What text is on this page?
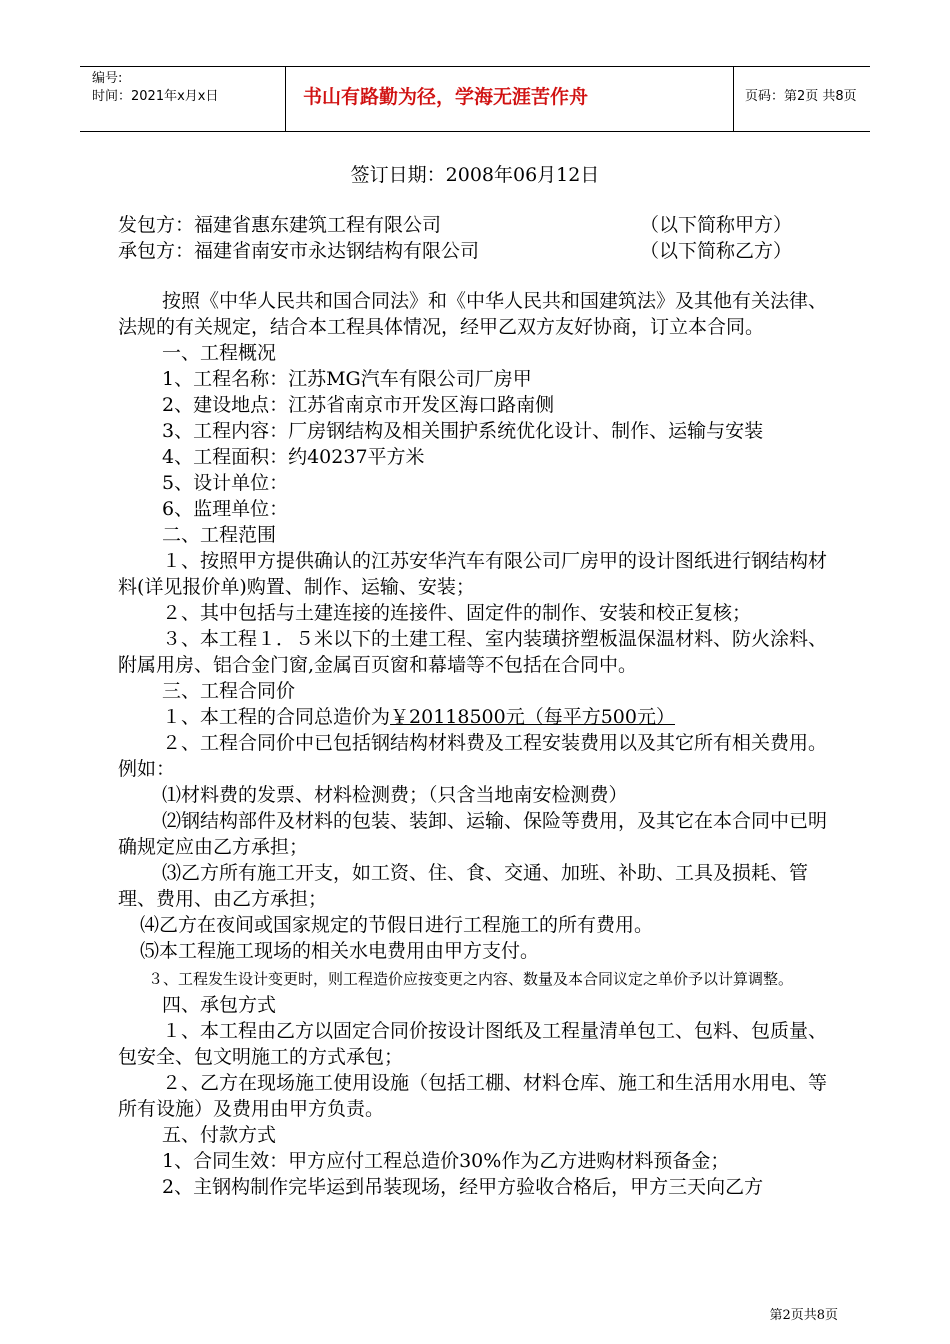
编号:
时间：2021年x月x日	书山有路勤为径，学海无涯苦作舟	页码：第2页 共8页
签订日期：2008年06月12日
发包方：福建省惠东建筑工程有限公司	（以下简称甲方）
承包方：福建省南安市永达钢结构有限公司	（以下简称乙方）

按照《中华人民共和国合同法》和《中华人民共和国建筑法》及其他有关法律、法规的有关规定，结合本工程具体情况，经甲乙双方友好协商，订立本合同。

一、工程概况

1、工程名称：江苏MG汽车有限公司厂房甲

2、建设地点：江苏省南京市开发区海口路南侧

3、工程内容：厂房钢结构及相关围护系统优化设计、制作、运输与安装

4、工程面积：约40237平方米

5、设计单位：

6、监理单位：

二、工程范围

１、按照甲方提供确认的江苏安华汽车有限公司厂房甲的设计图纸进行钢结构材料(详见报价单)购置、制作、运输、安装；

２、其中包括与土建连接的连接件、固定件的制作、安装和校正复核；

３、本工程１．５米以下的土建工程、室内装璜挤塑板温保温材料、防火涂料、附属用房、铝合金门窗,金属百页窗和幕墙等不包括在合同中。

三、工程合同价

１、本工程的合同总造价为￥20118500元（每平方500元）

２、工程合同价中已包括钢结构材料费及工程安装费用以及其它所有相关费用。例如：

⑴材料费的发票、材料检测费；（只含当地南安检测费）

⑵钢结构部件及材料的包装、装卸、运输、保险等费用，及其它在本合同中已明确规定应由乙方承担；

⑶乙方所有施工开支，如工资、住、食、交通、加班、补助、工具及损耗、管理、费用、由乙方承担；

⑷乙方在夜间或国家规定的节假日进行工程施工的所有费用。

⑸本工程施工现场的相关水电费用由甲方支付。

３、工程发生设计变更时，则工程造价应按变更之内容、数量及本合同议定之单价予以计算调整。

四、承包方式

１、本工程由乙方以固定合同价按设计图纸及工程量清单包工、包料、包质量、包安全、包文明施工的方式承包；

２、乙方在现场施工使用设施（包括工棚、材料仓库、施工和生活用水用电、等所有设施）及费用由甲方负责。

五、付款方式

1、合同生效：甲方应付工程总造价30%作为乙方进购材料预备金；

2、主钢构制作完毕运到吊装现场，经甲方验收合格后，甲方三天向乙方

第2页共8页
